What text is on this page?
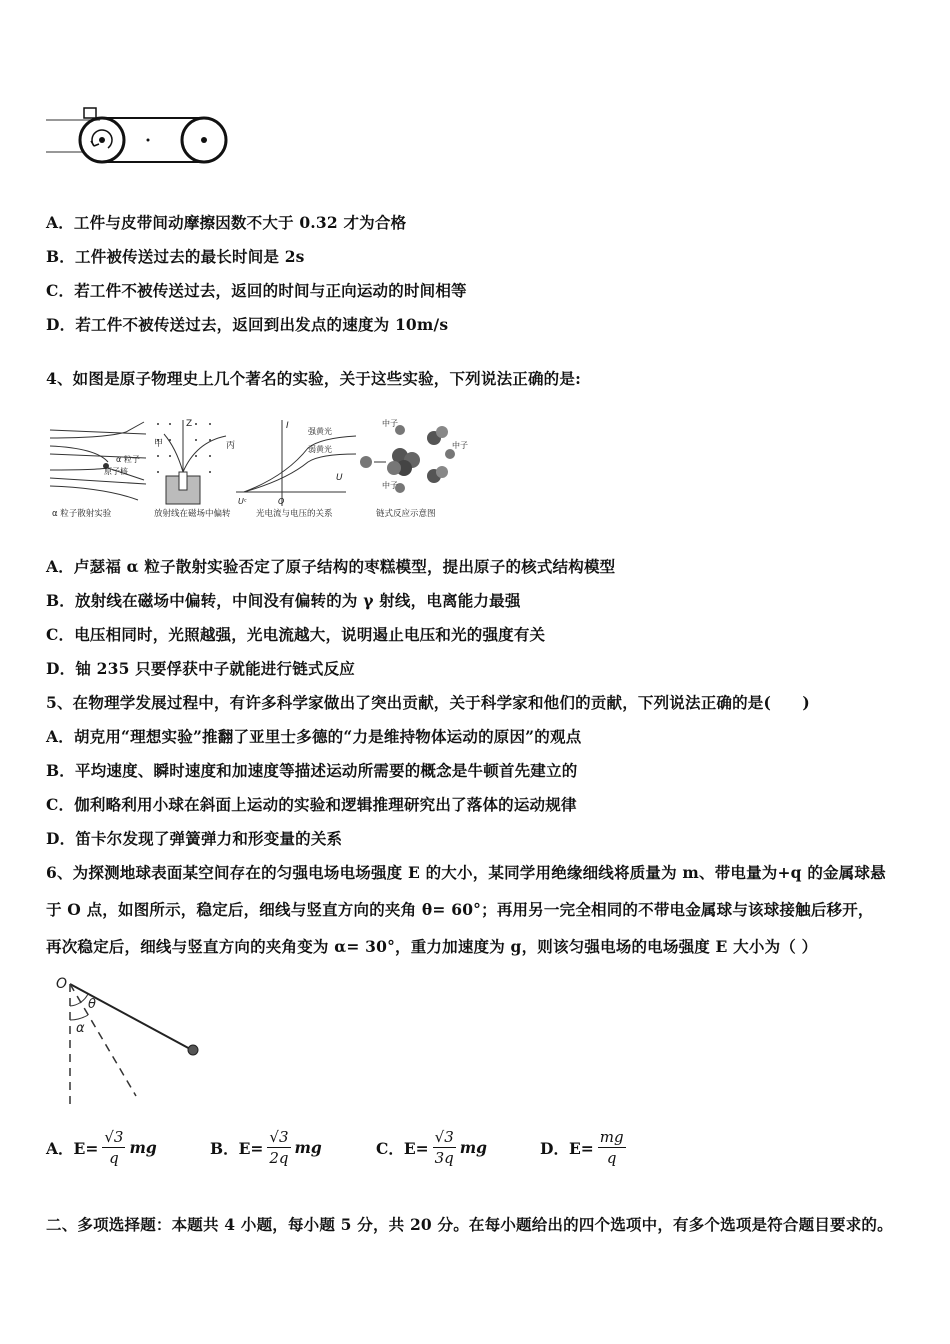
A．工件与皮带间动摩擦因数不大于 0.32 才为合格
B．工件被传送过去的最长时间是 2s
C．若工件不被传送过去，返回的时间与正向运动的时间相等
D．若工件不被传送过去，返回到出发点的速度为 10m/s
4、如图是原子物理史上几个著名的实验，关于这些实验，下列说法正确的是:
α 粒子
原子核
Z
甲	丙
I
强黄光
弱黄光
U
Uᶜ	O
中子
中子
中子
α 粒子散射实验	放射线在磁场中偏转	光电流与电压的关系	链式反应示意图
A．卢瑟福 α 粒子散射实验否定了原子结构的枣糕模型，提出原子的核式结构模型
B．放射线在磁场中偏转，中间没有偏转的为 γ 射线，电离能力最强
C．电压相同时，光照越强，光电流越大，说明遏止电压和光的强度有关
D．铀 235 只要俘获中子就能进行链式反应
5、在物理学发展过程中，有许多科学家做出了突出贡献，关于科学家和他们的贡献，下列说法正确的是(　　)
A．胡克用“理想实验”推翻了亚里士多德的“力是维持物体运动的原因”的观点
B．平均速度、瞬时速度和加速度等描述运动所需要的概念是牛顿首先建立的
C．伽利略利用小球在斜面上运动的实验和逻辑推理研究出了落体的运动规律
D．笛卡尔发现了弹簧弹力和形变量的关系
6、为探测地球表面某空间存在的匀强电场电场强度 E 的大小，某同学用绝缘细线将质量为 m、带电量为+q 的金属球悬
于 O 点，如图所示，稳定后，细线与竖直方向的夹角 θ= 60°；再用另一完全相同的不带电金属球与该球接触后移开，
再次稳定后，细线与竖直方向的夹角变为 α= 30°，重力加速度为 g，则该匀强电场的电场强度 E 大小为（ ）
O
θ
α
A．$E= \frac{√3}{q}$ mg	B．$E= \frac{√3}{2q}$ mg	C．$E= \frac{√3}{3q}$ mg	D．$E= \frac{mg}{q}$
二、多项选择题：本题共 4 小题，每小题 5 分，共 20 分。在每小题给出的四个选项中，有多个选项是符合题目要求的。
